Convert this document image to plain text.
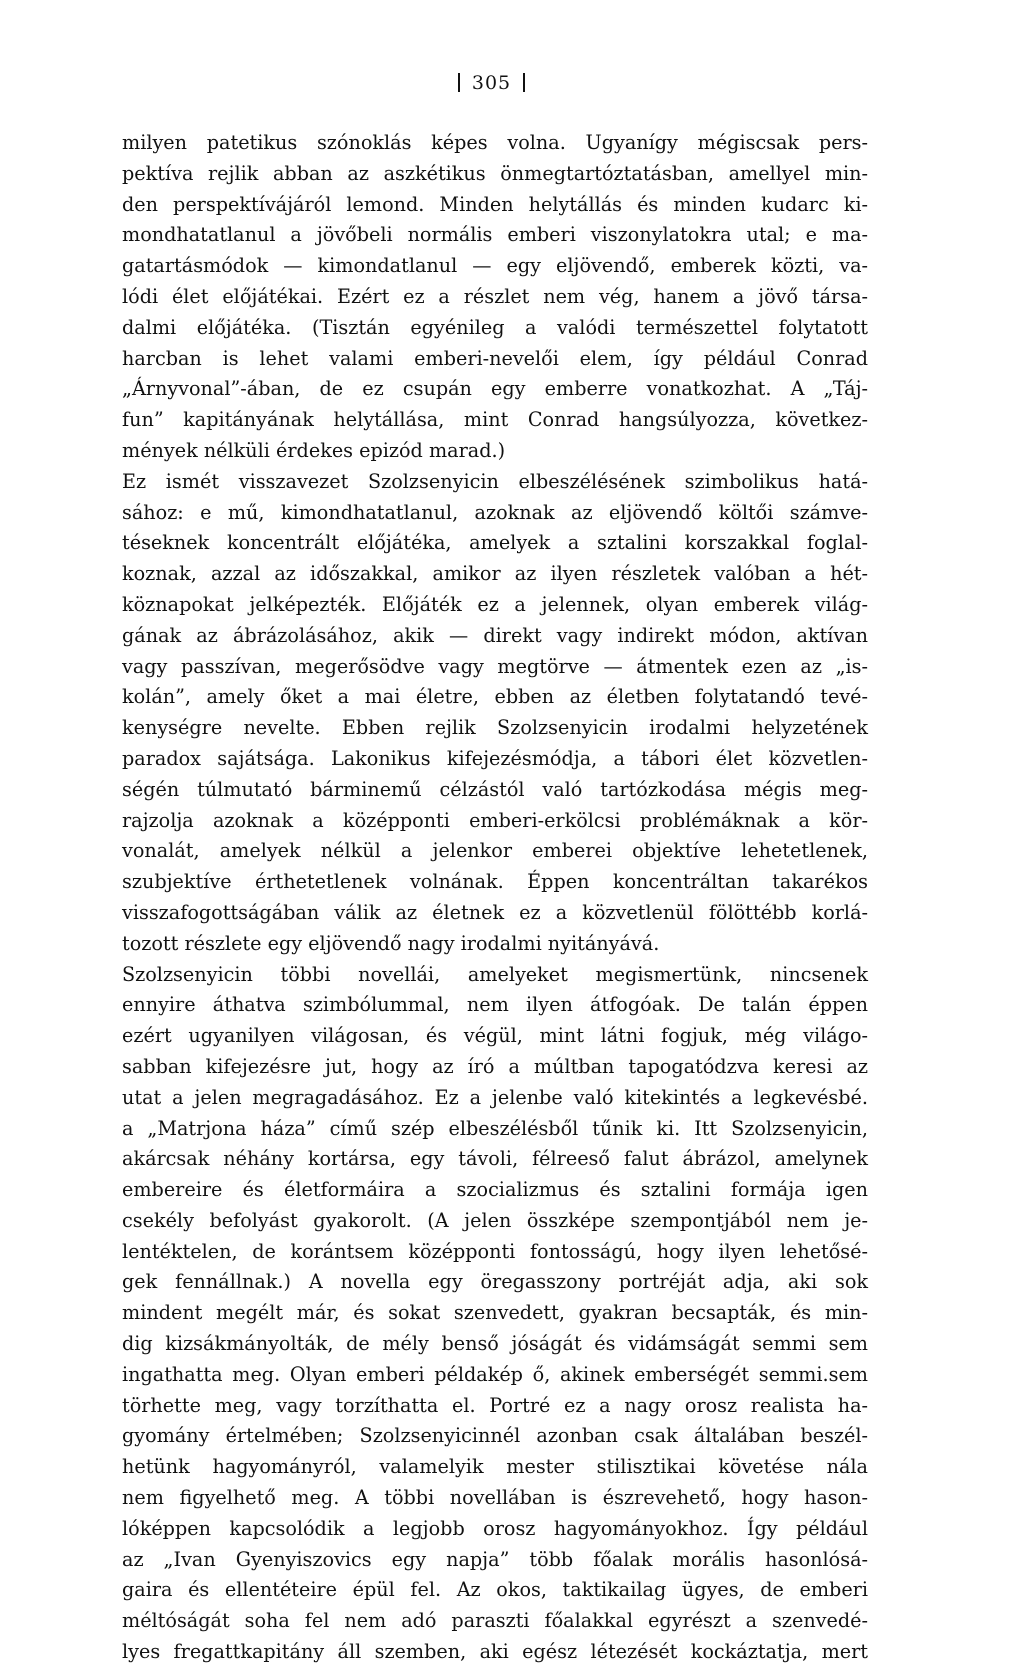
305
milyen patetikus szónoklás képes volna. Ugyanígy mégiscsak pers-
pektíva rejlik abban az aszkétikus önmegtartóztatásban, amellyel min-
den perspektívájáról lemond. Minden helytállás és minden kudarc ki-
mondhatatlanul a jövőbeli normális emberi viszonylatokra utal; e ma-
gatartásmódok — kimondatlanul — egy eljövendő, emberek közti, va-
lódi élet előjátékai. Ezért ez a részlet nem vég, hanem a jövő társa-
dalmi előjátéka. (Tisztán egyénileg a valódi természettel folytatott
harcban is lehet valami emberi-nevelői elem, így például Conrad
„Árnyvonal”-ában, de ez csupán egy emberre vonatkozhat. A „Táj-
fun” kapitányának helytállása, mint Conrad hangsúlyozza, következ-
mények nélküli érdekes epizód marad.)
Ez ismét visszavezet Szolzsenyicin elbeszélésének szimbolikus hatá-
sához: e mű, kimondhatatlanul, azoknak az eljövendő költői számve-
téseknek koncentrált előjátéka, amelyek a sztalini korszakkal foglal-
koznak, azzal az időszakkal, amikor az ilyen részletek valóban a hét-
köznapokat jelképezték. Előjáték ez a jelennek, olyan emberek világ-
gának az ábrázolásához, akik — direkt vagy indirekt módon, aktívan
vagy passzívan, megerősödve vagy megtörve — átmentek ezen az „is-
kolán”, amely őket a mai életre, ebben az életben folytatandó tevé-
kenységre nevelte. Ebben rejlik Szolzsenyicin irodalmi helyzetének
paradox sajátsága. Lakonikus kifejezésmódja, a tábori élet közvetlen-
ségén túlmutató bárminemű célzástól való tartózkodása mégis meg-
rajzolja azoknak a középponti emberi-erkölcsi problémáknak a kör-
vonalát, amelyek nélkül a jelenkor emberei objektíve lehetetlenek,
szubjektíve érthetetlenek volnának. Éppen koncentráltan takarékos
visszafogottságában válik az életnek ez a közvetlenül fölöttébb korlá-
tozott részlete egy eljövendő nagy irodalmi nyitányává.
Szolzsenyicin többi novellái, amelyeket megismertünk, nincsenek
ennyire áthatva szimbólummal, nem ilyen átfogóak. De talán éppen
ezért ugyanilyen világosan, és végül, mint látni fogjuk, még világo-
sabban kifejezésre jut, hogy az író a múltban tapogatódzva keresi az
utat a jelen megragadásához. Ez a jelenbe való kitekintés a legkevésbé.
a „Matrjona háza” című szép elbeszélésből tűnik ki. Itt Szolzsenyicin,
akárcsak néhány kortársa, egy távoli, félreeső falut ábrázol, amelynek
embereire és életformáira a szocializmus és sztalini formája igen
csekély befolyást gyakorolt. (A jelen összképe szempontjából nem je-
lentéktelen, de korántsem középponti fontosságú, hogy ilyen lehetősé-
gek fennállnak.) A novella egy öregasszony portréját adja, aki sok
mindent megélt már, és sokat szenvedett, gyakran becsapták, és min-
dig kizsákmányolták, de mély benső jóságát és vidámságát semmi sem
ingathatta meg. Olyan emberi példakép ő, akinek emberségét semmi.sem
törhette meg, vagy torzíthatta el. Portré ez a nagy orosz realista ha-
gyomány értelmében; Szolzsenyicinnél azonban csak általában beszél-
hetünk hagyományról, valamelyik mester stilisztikai követése nála
nem figyelhető meg. A többi novellában is észrevehető, hogy hason-
lóképpen kapcsolódik a legjobb orosz hagyományokhoz. Így például
az „Ivan Gyenyiszovics egy napja” több főalak morális hasonlósá-
gaira és ellentéteire épül fel. Az okos, taktikailag ügyes, de emberi
méltóságát soha fel nem adó paraszti főalakkal egyrészt a szenvedé-
lyes fregattkapitány áll szemben, aki egész létezését kockáztatja, mert
